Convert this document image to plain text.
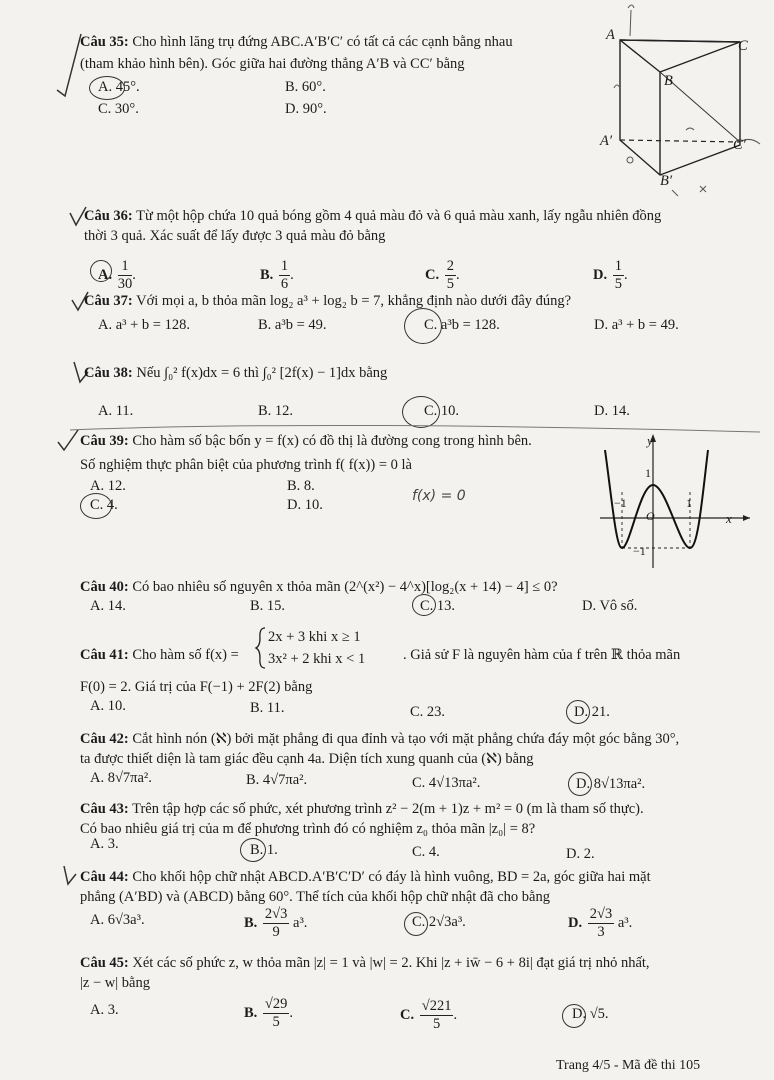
Câu 35: Cho hình lăng trụ đứng ABC.A′B′C′ có tất cả các cạnh bằng nhau
(tham khảo hình bên). Góc giữa hai đường thẳng A′B và CC′ bằng
A. 45°.	B. 60°.
C. 30°.	D. 90°.
A
C
B
A′	C′
B′
Câu 36: Từ một hộp chứa 10 quả bóng gồm 4 quả màu đỏ và 6 quả màu xanh, lấy ngẫu nhiên đồng
thời 3 quả. Xác suất để lấy được 3 quả màu đỏ bằng
A. $\frac{1}{30}$ .	B. $\frac{1}{6}$ .	C. $\frac{2}{5}$ .	D. $\frac{1}{5}$ .
Câu 37: Với mọi a, b thỏa mãn log₂ a³ + log₂ b = 7, khẳng định nào dưới đây đúng?
A. a³ + b = 128.	B. a³b = 49.	C. a³b = 128.	D. a³ + b = 49.
Câu 38: Nếu ∫₀² f(x)dx = 6 thì ∫₀² [2f(x) − 1]dx bằng
A. 11.	B. 12.	C. 10.	D. 14.
Câu 39: Cho hàm số bậc bốn y = f(x) có đồ thị là đường cong trong hình bên.
Số nghiệm thực phân biệt của phương trình f( f(x)) = 0 là
A. 12.	B. 8.
C. 4.	D. 10.
f(x) = 0
y
x
O
1
−1	1
−1
Câu 40: Có bao nhiêu số nguyên x thỏa mãn (2^(x²) − 4^x)[log₂(x + 14) − 4] ≤ 0?
A. 14.	B. 15.	C. 13.	D. Vô số.
Câu 41: Cho hàm số f(x) =
2x + 3 khi x ≥ 1
3x² + 2 khi x < 1	. Giả sử F là nguyên hàm của f trên ℝ thỏa mãn
F(0) = 2. Giá trị của F(−1) + 2F(2) bằng
A. 10.	B. 11.	C. 23.	D. 21.
Câu 42: Cắt hình nón (ℵ) bởi mặt phẳng đi qua đỉnh và tạo với mặt phẳng chứa đáy một góc bằng 30°,
ta được thiết diện là tam giác đều cạnh 4a. Diện tích xung quanh của (ℵ) bằng
A. 8√7πa².	B. 4√7πa².	C. 4√13πa².	D. 8√13πa².
Câu 43: Trên tập hợp các số phức, xét phương trình z² − 2(m + 1)z + m² = 0 (m là tham số thực).
Có bao nhiêu giá trị của m để phương trình đó có nghiệm z₀ thỏa mãn |z₀| = 8?
A. 3.	B. 1.	C. 4.	D. 2.
Câu 44: Cho khối hộp chữ nhật ABCD.A′B′C′D′ có đáy là hình vuông, BD = 2a, góc giữa hai mặt
phẳng (A′BD) và (ABCD) bằng 60°. Thể tích của khối hộp chữ nhật đã cho bằng
A. 6√3a³.	B. $\frac{2√3}{9} a^3$.	C. 2√3a³.	D. $\frac{2√3}{3} a^3$.
Câu 45: Xét các số phức z, w thỏa mãn |z| = 1 và |w| = 2. Khi |z + iw̄ − 6 + 8i| đạt giá trị nhỏ nhất,
|z − w| bằng
A. 3.	B. $\frac{√29}{5}$ .	C. $\frac{√221}{5}$ .	D. √5.
Trang 4/5 - Mã đề thi 105
